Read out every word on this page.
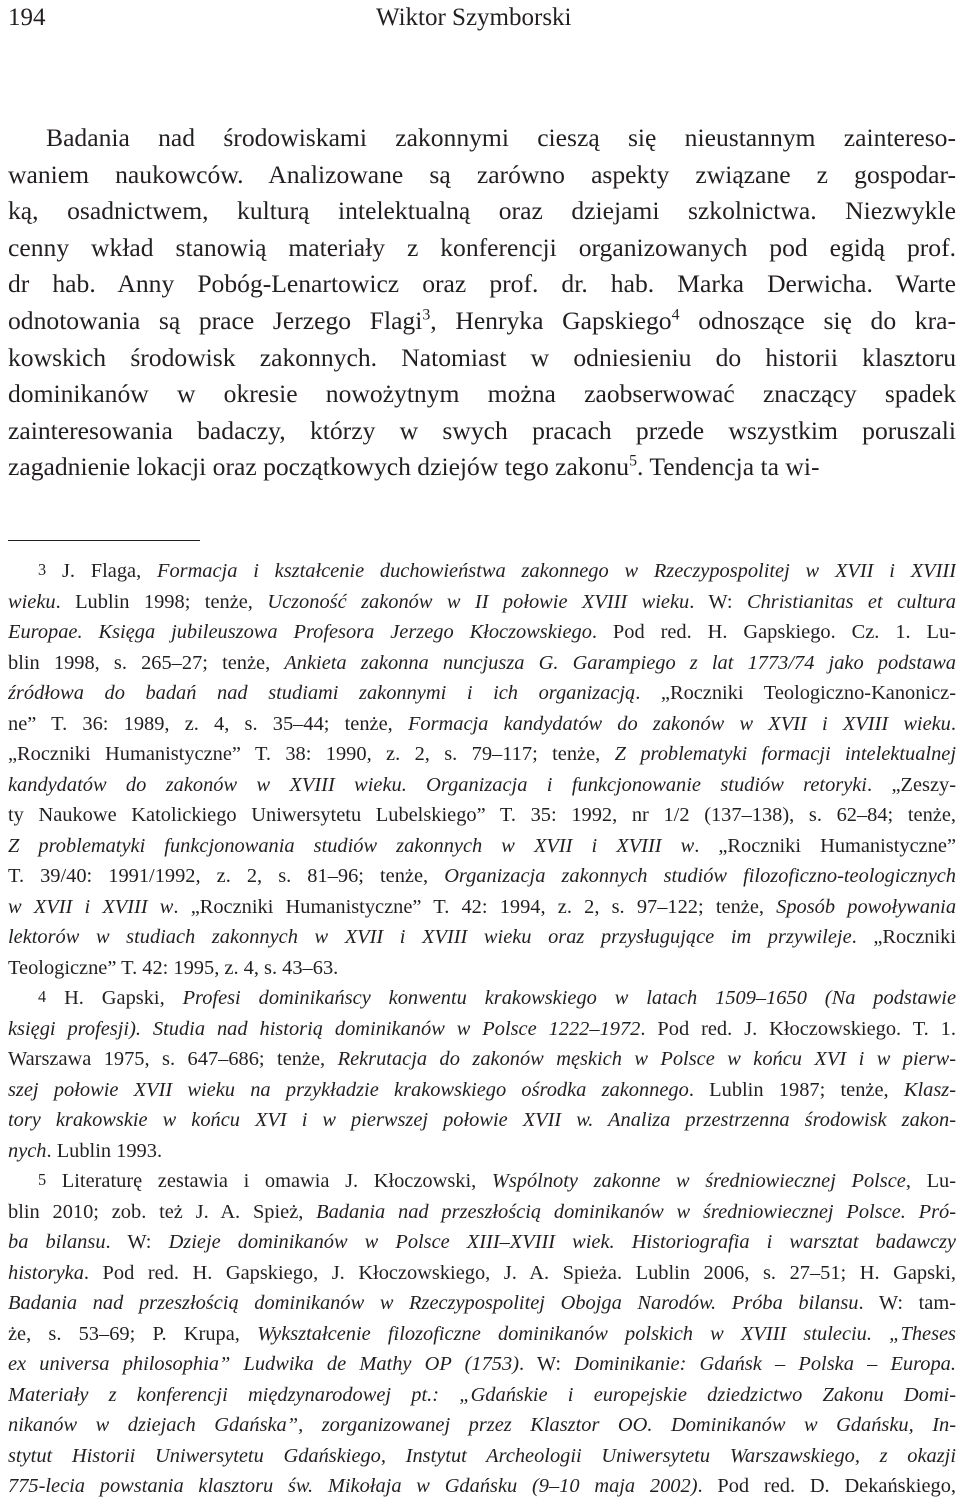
194	Wiktor Szymborski
Badania nad środowiskami zakonnymi cieszą się nieustannym zaintereso-
waniem naukowców. Analizowane są zarówno aspekty związane z gospodar-
ką, osadnictwem, kulturą intelektualną oraz dziejami szkolnictwa. Niezwykle
cenny wkład stanowią materiały z konferencji organizowanych pod egidą prof.
dr hab. Anny Pobóg-Lenartowicz oraz prof. dr. hab. Marka Derwicha. Warte
odnotowania są prace Jerzego Flagi$^3$, Henryka Gapskiego$^4$ odnoszące się do kra-
kowskich środowisk zakonnych. Natomiast w odniesieniu do historii klasztoru
dominikanów w okresie nowożytnym można zaobserwować znaczący spadek
zainteresowania badaczy, którzy w swych pracach przede wszystkim poruszali
zagadnienie lokacji oraz początkowych dziejów tego zakonu$^5$. Tendencja ta wi-
3 J. Flaga, Formacja i kształcenie duchowieństwa zakonnego w Rzeczypospolitej w XVII i XVIII
wieku. Lublin 1998; tenże, Uczoność zakonów w II połowie XVIII wieku. W: Christianitas et cultura
Europae. Księga jubileuszowa Profesora Jerzego Kłoczowskiego. Pod red. H. Gapskiego. Cz. 1. Lu-
blin 1998, s. 265–27; tenże, Ankieta zakonna nuncjusza G. Garampiego z lat 1773/74 jako podstawa
źródłowa do badań nad studiami zakonnymi i ich organizacją. „Roczniki Teologiczno-Kanonicz-
ne” T. 36: 1989, z. 4, s. 35–44; tenże, Formacja kandydatów do zakonów w XVII i XVIII wieku.
„Roczniki Humanistyczne” T. 38: 1990, z. 2, s. 79–117; tenże, Z problematyki formacji intelektualnej
kandydatów do zakonów w XVIII wieku. Organizacja i funkcjonowanie studiów retoryki. „Zeszy-
ty Naukowe Katolickiego Uniwersytetu Lubelskiego” T. 35: 1992, nr 1/2 (137–138), s. 62–84; tenże,
Z problematyki funkcjonowania studiów zakonnych w XVII i XVIII w. „Roczniki Humanistyczne”
T. 39/40: 1991/1992, z. 2, s. 81–96; tenże, Organizacja zakonnych studiów filozoficzno-teologicznych
w XVII i XVIII w. „Roczniki Humanistyczne” T. 42: 1994, z. 2, s. 97–122; tenże, Sposób powoływania
lektorów w studiach zakonnych w XVII i XVIII wieku oraz przysługujące im przywileje. „Roczniki
Teologiczne” T. 42: 1995, z. 4, s. 43–63.
4 H. Gapski, Profesi dominikańscy konwentu krakowskiego w latach 1509–1650 (Na podstawie
księgi profesji). Studia nad historią dominikanów w Polsce 1222–1972. Pod red. J. Kłoczowskiego. T. 1.
Warszawa 1975, s. 647–686; tenże, Rekrutacja do zakonów męskich w Polsce w końcu XVI i w pierw-
szej połowie XVII wieku na przykładzie krakowskiego ośrodka zakonnego. Lublin 1987; tenże, Klasz-
tory krakowskie w końcu XVI i w pierwszej połowie XVII w. Analiza przestrzenna środowisk zakon-
nych. Lublin 1993.
5 Literaturę zestawia i omawia J. Kłoczowski, Wspólnoty zakonne w średniowiecznej Polsce, Lu-
blin 2010; zob. też J. A. Spież, Badania nad przeszłością dominikanów w średniowiecznej Polsce. Pró-
ba bilansu. W: Dzieje dominikanów w Polsce XIII–XVIII wiek. Historiografia i warsztat badawczy
historyka. Pod red. H. Gapskiego, J. Kłoczowskiego, J. A. Spieża. Lublin 2006, s. 27–51; H. Gapski,
Badania nad przeszłością dominikanów w Rzeczypospolitej Obojga Narodów. Próba bilansu. W: tam-
że, s. 53–69; P. Krupa, Wykształcenie filozoficzne dominikanów polskich w XVIII stuleciu. „Theses
ex universa philosophia” Ludwika de Mathy OP (1753). W: Dominikanie: Gdańsk – Polska – Europa.
Materiały z konferencji międzynarodowej pt.: „Gdańskie i europejskie dziedzictwo Zakonu Domi-
nikanów w dziejach Gdańska”, zorganizowanej przez Klasztor OO. Dominikanów w Gdańsku, In-
stytut Historii Uniwersytetu Gdańskiego, Instytut Archeologii Uniwersytetu Warszawskiego, z okazji
775-lecia powstania klasztoru św. Mikołaja w Gdańsku (9–10 maja 2002). Pod red. D. Dekańskiego,
